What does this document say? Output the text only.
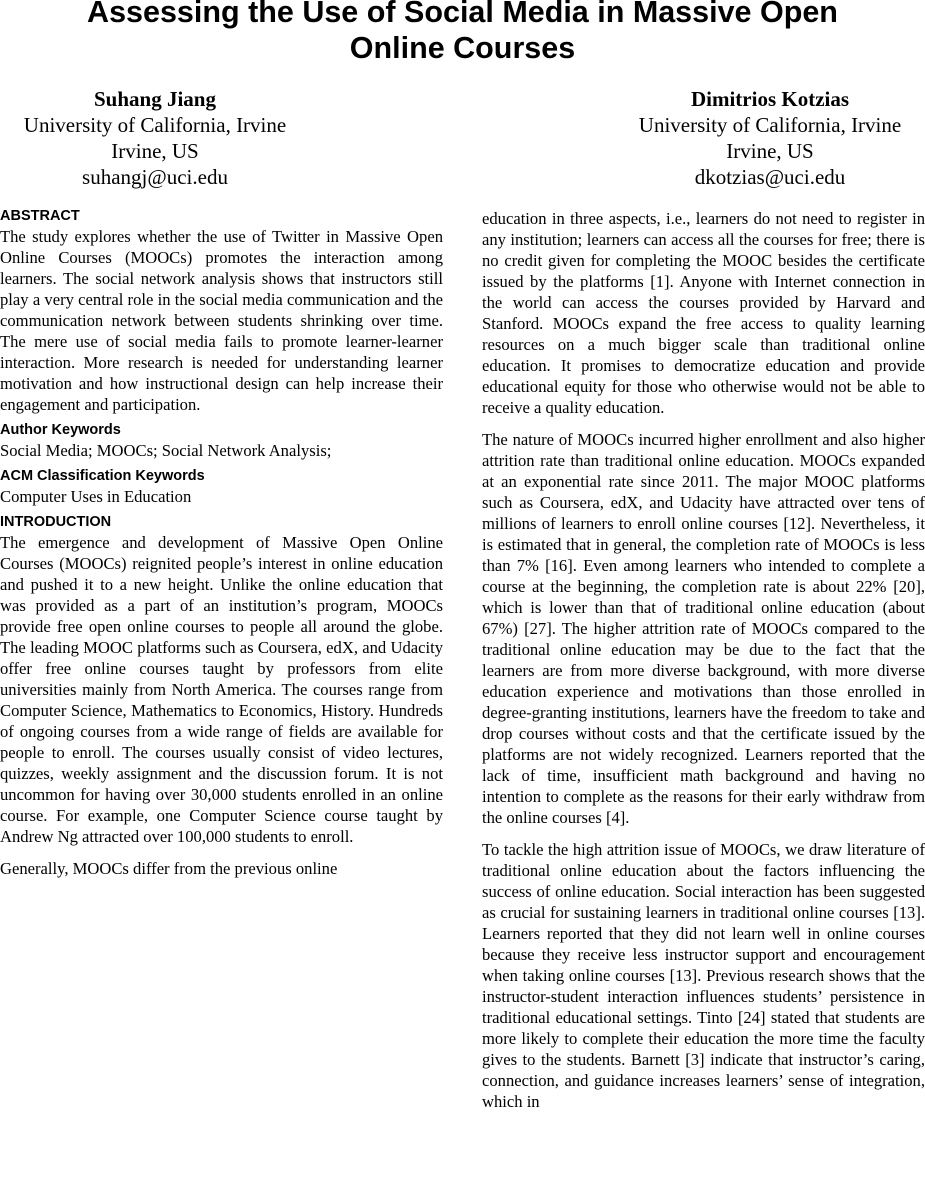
Assessing the Use of Social Media in Massive Open
Online Courses
Suhang Jiang
University of California, Irvine
Irvine, US
suhangj@uci.edu
Dimitrios Kotzias
University of California, Irvine
Irvine, US
dkotzias@uci.edu

ABSTRACT

The study explores whether the use of Twitter in Massive Open Online Courses (MOOCs) promotes the interaction among learners. The social network analysis shows that instructors still play a very central role in the social media communication and the communication network between students shrinking over time. The mere use of social media fails to promote learner-learner interaction. More research is needed for understanding learner motivation and how instructional design can help increase their engagement and participation.

Author Keywords

Social Media; MOOCs; Social Network Analysis;

ACM Classification Keywords

Computer Uses in Education

INTRODUCTION

The emergence and development of Massive Open Online Courses (MOOCs) reignited people’s interest in online education and pushed it to a new height. Unlike the online education that was provided as a part of an institution’s program, MOOCs provide free open online courses to people all around the globe. The leading MOOC platforms such as Coursera, edX, and Udacity offer free online courses taught by professors from elite universities mainly from North America. The courses range from Computer Science, Mathematics to Economics, History. Hundreds of ongoing courses from a wide range of fields are available for people to enroll. The courses usually consist of video lectures, quizzes, weekly assignment and the discussion forum. It is not uncommon for having over 30,000 students enrolled in an online course. For example, one Computer Science course taught by Andrew Ng attracted over 100,000 students to enroll.

Generally, MOOCs differ from the previous online

education in three aspects, i.e., learners do not need to register in any institution; learners can access all the courses for free; there is no credit given for completing the MOOC besides the certificate issued by the platforms [1]. Anyone with Internet connection in the world can access the courses provided by Harvard and Stanford. MOOCs expand the free access to quality learning resources on a much bigger scale than traditional online education. It promises to democratize education and provide educational equity for those who otherwise would not be able to receive a quality education.

The nature of MOOCs incurred higher enrollment and also higher attrition rate than traditional online education. MOOCs expanded at an exponential rate since 2011. The major MOOC platforms such as Coursera, edX, and Udacity have attracted over tens of millions of learners to enroll online courses [12]. Nevertheless, it is estimated that in general, the completion rate of MOOCs is less than 7% [16]. Even among learners who intended to complete a course at the beginning, the completion rate is about 22% [20], which is lower than that of traditional online education (about 67%) [27]. The higher attrition rate of MOOCs compared to the traditional online education may be due to the fact that the learners are from more diverse background, with more diverse education experience and motivations than those enrolled in degree-granting institutions, learners have the freedom to take and drop courses without costs and that the certificate issued by the platforms are not widely recognized. Learners reported that the lack of time, insufficient math background and having no intention to complete as the reasons for their early withdraw from the online courses [4].

To tackle the high attrition issue of MOOCs, we draw literature of traditional online education about the factors influencing the success of online education. Social interaction has been suggested as crucial for sustaining learners in traditional online courses [13]. Learners reported that they did not learn well in online courses because they receive less instructor support and encouragement when taking online courses [13]. Previous research shows that the instructor-student interaction influences students’ persistence in traditional educational settings. Tinto [24] stated that students are more likely to complete their education the more time the faculty gives to the students. Barnett [3] indicate that instructor’s caring, connection, and guidance increases learners’ sense of integration, which in
